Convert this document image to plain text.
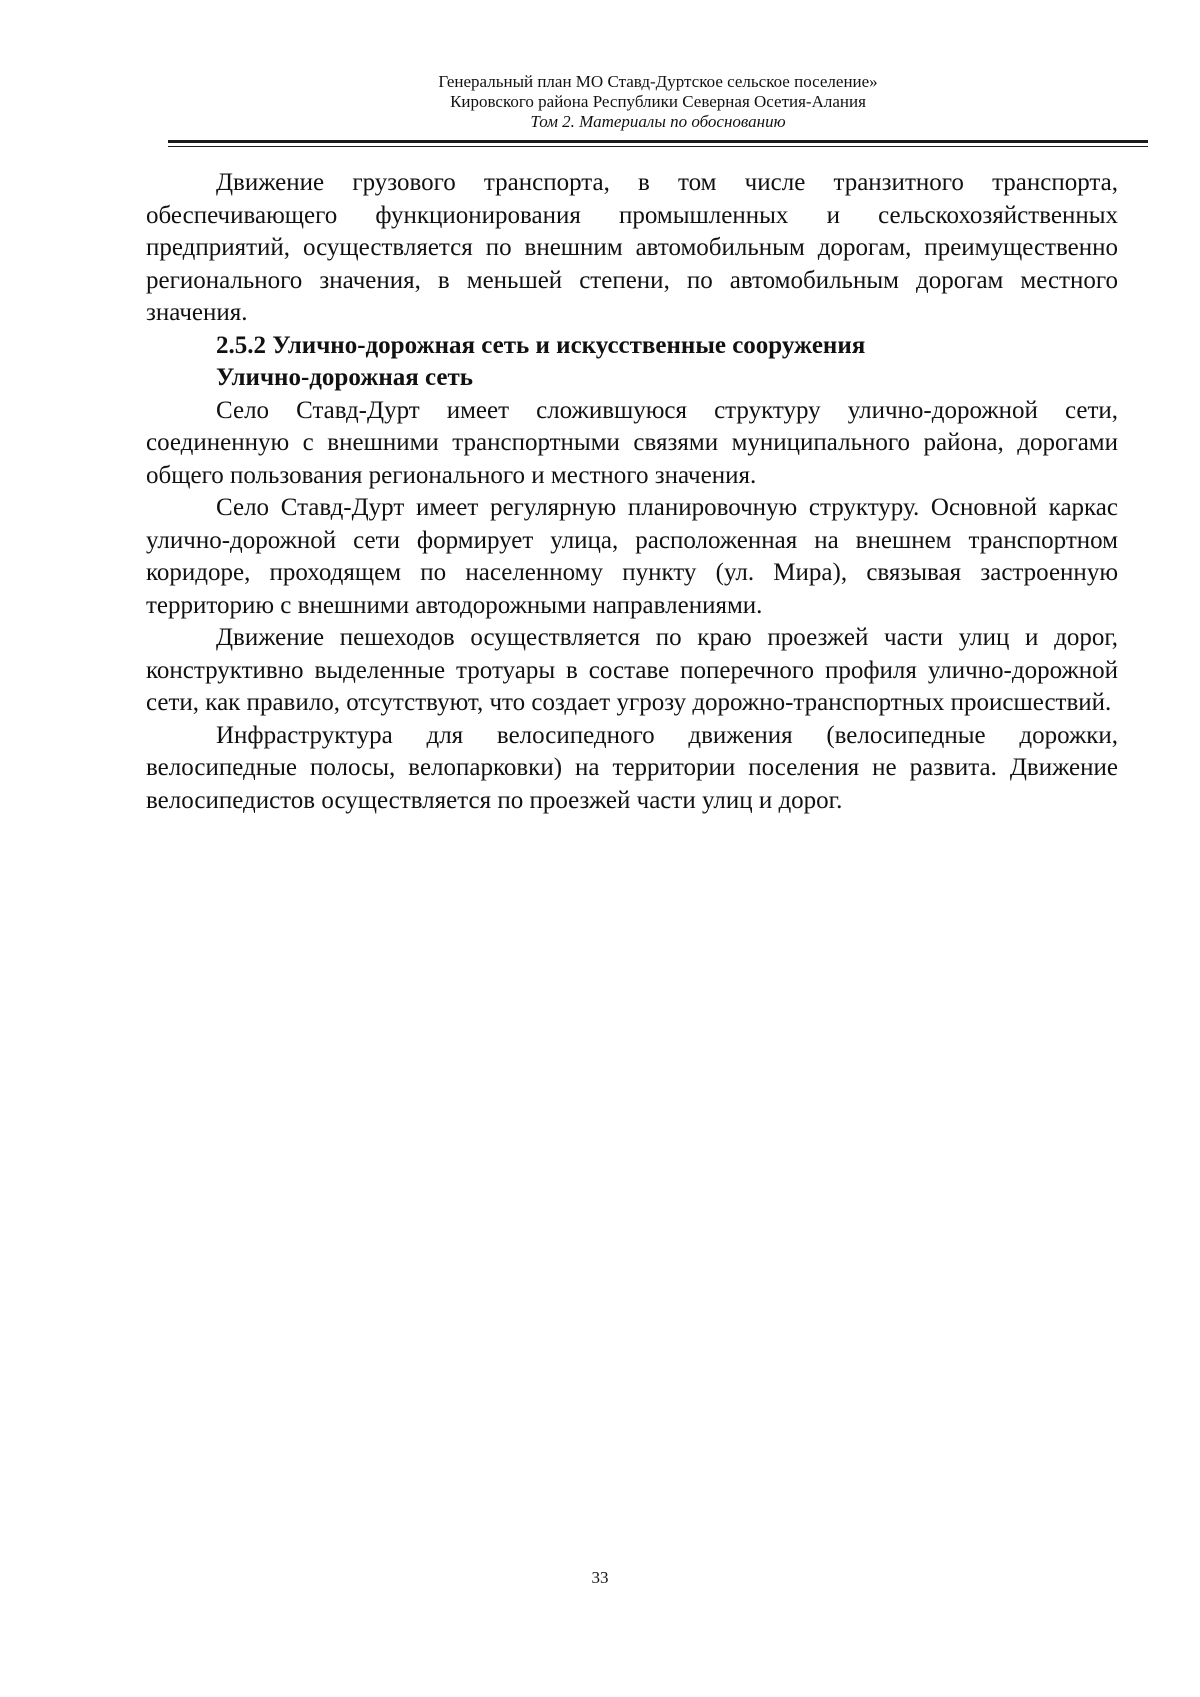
Генеральный план МО Ставд-Дуртское сельское поселение»
Кировского района Республики Северная Осетия-Алания
Том 2. Материалы по обоснованию

Движение грузового транспорта, в том числе транзитного транспорта, обеспечивающего функционирования промышленных и сельскохозяйственных предприятий, осуществляется по внешним автомобильным дорогам, преимущественно регионального значения, в меньшей степени, по автомобильным дорогам местного значения.

2.5.2 Улично-дорожная сеть и искусственные сооружения

Улично-дорожная сеть

Село Ставд-Дурт имеет сложившуюся структуру улично-дорожной сети, соединенную с внешними транспортными связями муниципального района, дорогами общего пользования регионального и местного значения.

Село Ставд-Дурт имеет регулярную планировочную структуру. Основной каркас улично-дорожной сети формирует улица, расположенная на внешнем транспортном коридоре, проходящем по населенному пункту (ул. Мира), связывая застроенную территорию с внешними автодорожными направлениями.

Движение пешеходов осуществляется по краю проезжей части улиц и дорог, конструктивно выделенные тротуары в составе поперечного профиля улично-дорожной сети, как правило, отсутствуют, что создает угрозу дорожно-транспортных происшествий.

Инфраструктура для велосипедного движения (велосипедные дорожки, велосипедные полосы, велопарковки) на территории поселения не развита. Движение велосипедистов осуществляется по проезжей части улиц и дорог.

33
